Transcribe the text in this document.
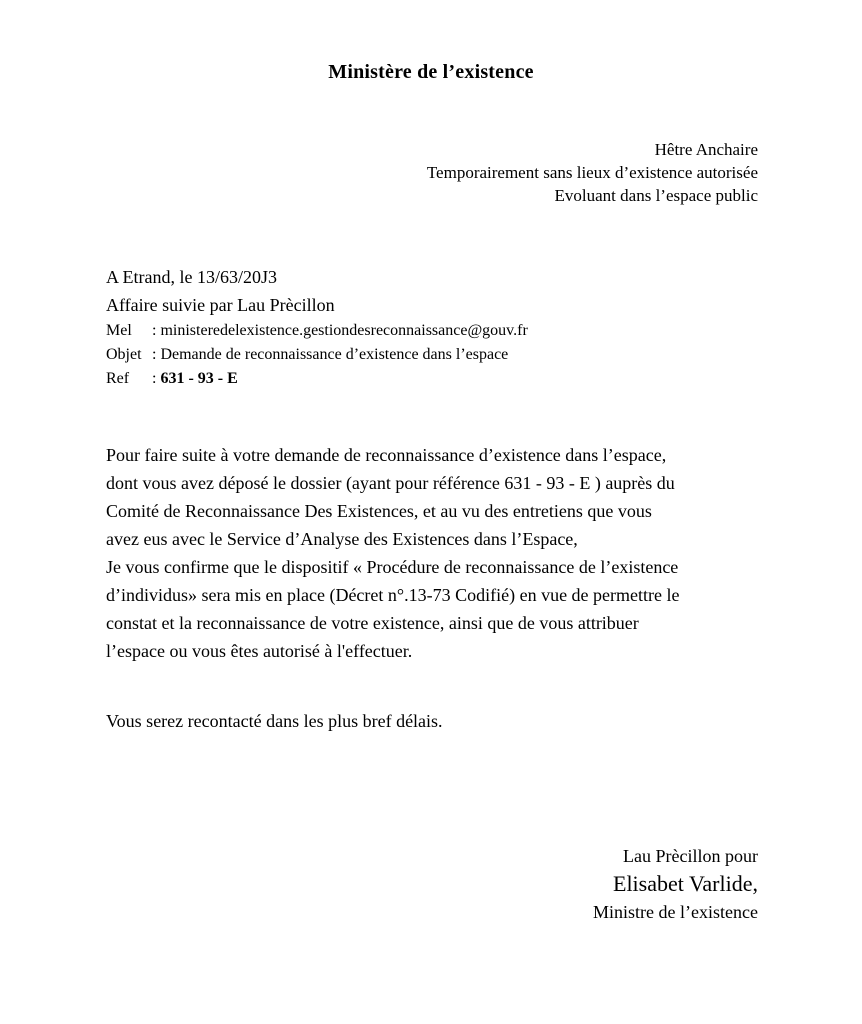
Ministère de l’existence
Hêtre Anchaire
Temporairement sans lieux d’existence autorisée
Evoluant dans l’espace public
A Etrand, le 13/63/20J3
Affaire suivie par Lau Prècillon
Mel : ministeredelexistence.gestiondesreconnaissance@gouv.fr
Objet : Demande de reconnaissance d’existence dans l’espace
Ref : 631 - 93 - E
Pour faire suite à votre demande de reconnaissance d’existence dans l’espace,
dont vous avez déposé le dossier (ayant pour référence 631 - 93 - E ) auprès du
Comité de Reconnaissance Des Existences, et au vu des entretiens que vous
avez eus avec le Service d’Analyse des Existences dans l’Espace,
Je vous confirme que le dispositif « Procédure de reconnaissance de l’existence
d’individus» sera mis en place (Décret n°.13-73 Codifié) en vue de permettre le
constat et la reconnaissance de votre existence, ainsi que de vous attribuer
l’espace ou vous êtes autorisé à l'effectuer.
Vous serez recontacté dans les plus bref délais.
Lau Prècillon pour
Elisabet Varlide,
Ministre de l’existence
